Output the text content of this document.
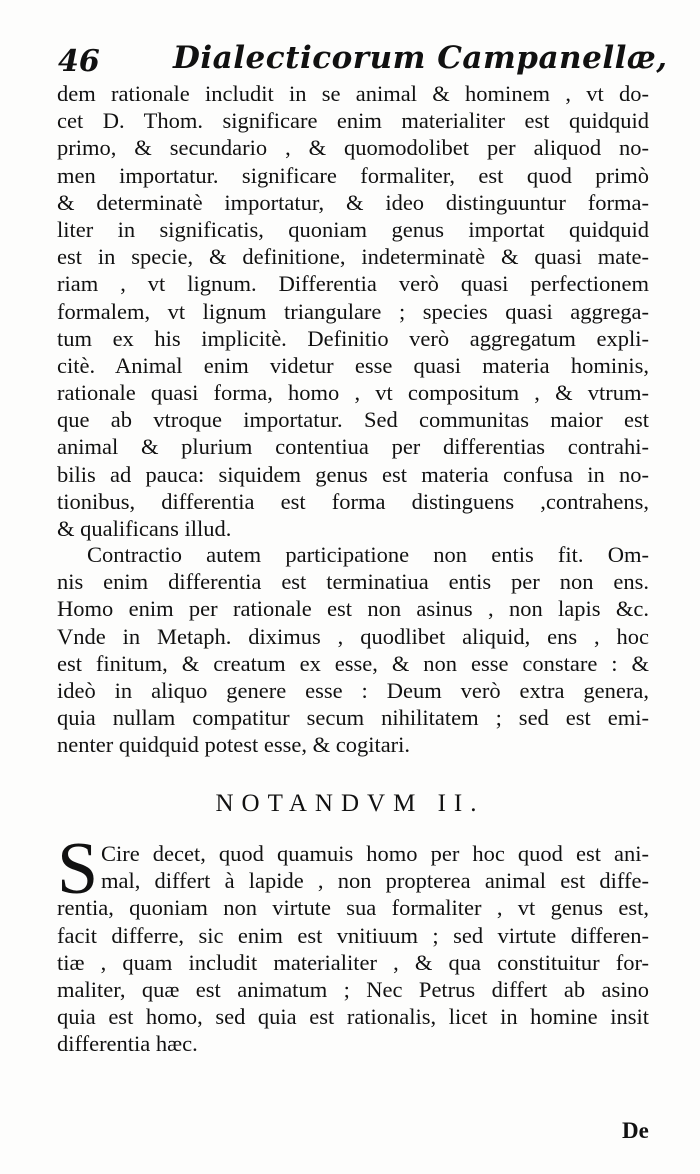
46 Dialecticorum Campanellæ,
dem rationale includit in se animal & hominem , vt do-
cet D. Thom. significare enim materialiter est quidquid
primo, & secundario , & quomodolibet per aliquod no-
men importatur. significare formaliter, est quod primò
& determinatè importatur, & ideo distinguuntur forma-
liter in significatis, quoniam genus importat quidquid
est in specie, & definitione, indeterminatè & quasi mate-
riam , vt lignum. Differentia verò quasi perfectionem
formalem, vt lignum triangulare ; species quasi aggrega-
tum ex his implicitè. Definitio verò aggregatum expli-
citè. Animal enim videtur esse quasi materia hominis,
rationale quasi forma, homo , vt compositum , & vtrum-
que ab vtroque importatur. Sed communitas maior est
animal & plurium contentiua per differentias contrahi-
bilis ad pauca: siquidem genus est materia confusa in no-
tionibus, differentia est forma distinguens ,contrahens,
& qualificans illud.
Contractio autem participatione non entis fit. Om-
nis enim differentia est terminatiua entis per non ens.
Homo enim per rationale est non asinus , non lapis &c.
Vnde in Metaph. diximus , quodlibet aliquid, ens , hoc
est finitum, & creatum ex esse, & non esse constare : &
ideò in aliquo genere esse : Deum verò extra genera,
quia nullam compatitur secum nihilitatem ; sed est emi-
nenter quidquid potest esse, & cogitari.
NOTANDVM II.
S Cire decet, quod quamuis homo per hoc quod est ani-
mal, differt à lapide , non propterea animal est diffe-
rentia, quoniam non virtute sua formaliter , vt genus est,
facit differre, sic enim est vnitiuum ; sed virtute differen-
tiæ , quam includit materialiter , & qua constituitur for-
maliter, quæ est animatum ; Nec Petrus differt ab asino
quia est homo, sed quia est rationalis, licet in homine insit
differentia hæc.
De
